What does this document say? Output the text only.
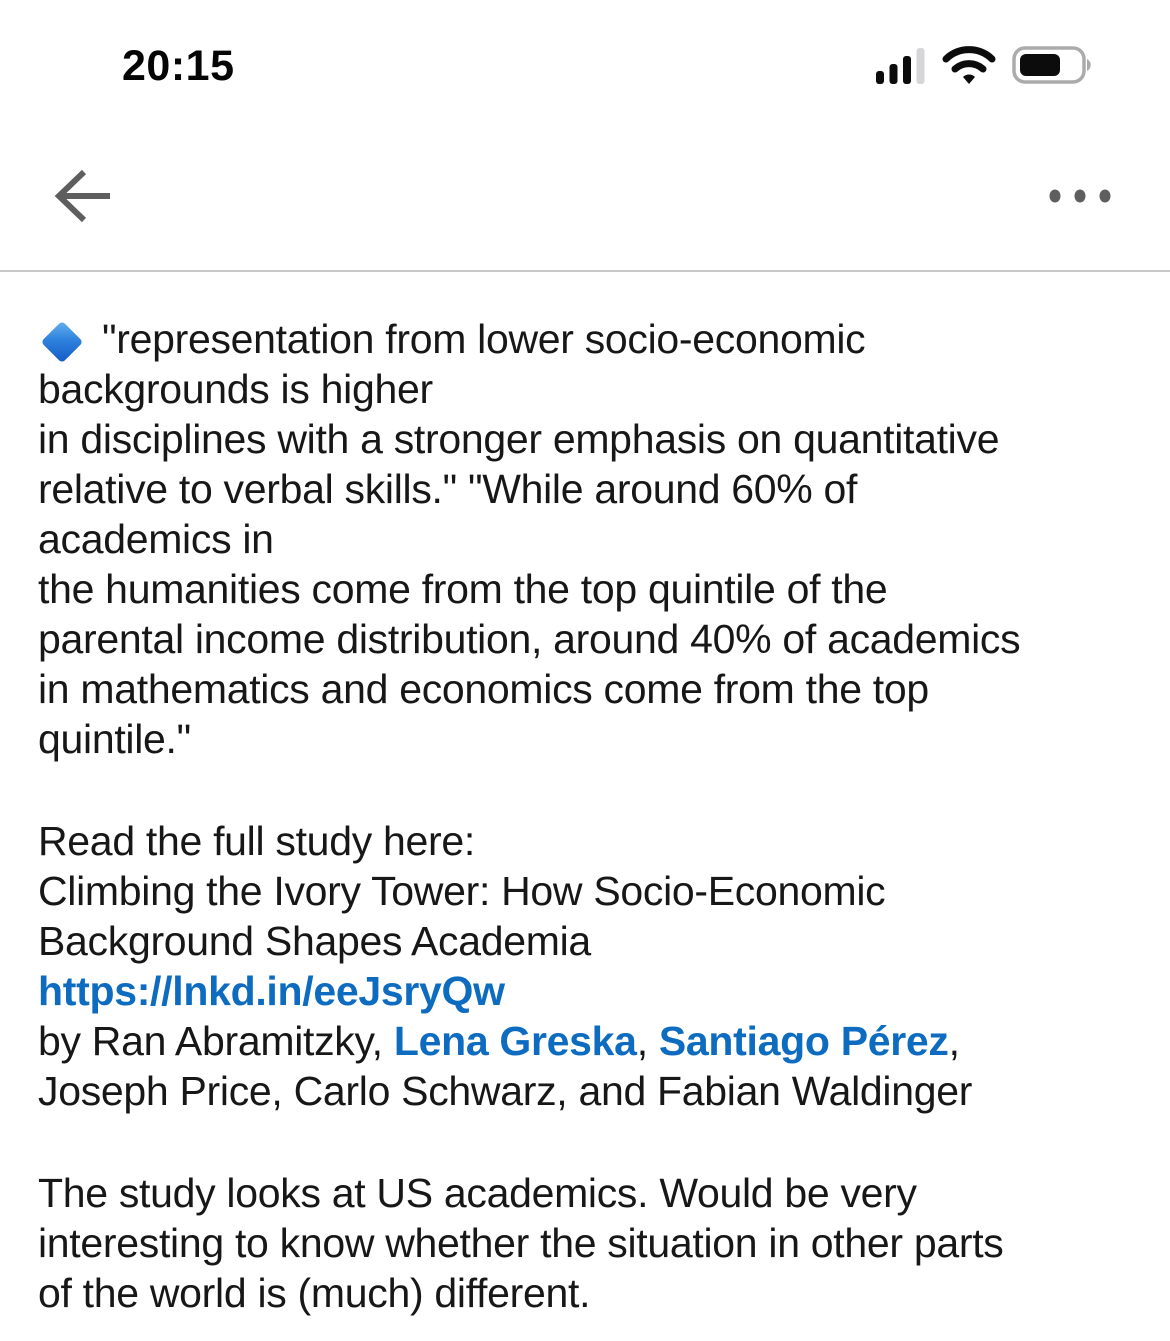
20:15
"representation from lower socio-economic
backgrounds is higher
in disciplines with a stronger emphasis on quantitative
relative to verbal skills." "While around 60% of
academics in
the humanities come from the top quintile of the
parental income distribution, around 40% of academics
in mathematics and economics come from the top
quintile."
Read the full study here:
Climbing the Ivory Tower: How Socio-Economic
Background Shapes Academia
https://lnkd.in/eeJsryQw
by Ran Abramitzky, Lena Greska, Santiago Pérez,
Joseph Price, Carlo Schwarz, and Fabian Waldinger
The study looks at US academics. Would be very
interesting to know whether the situation in other parts
of the world is (much) different.
